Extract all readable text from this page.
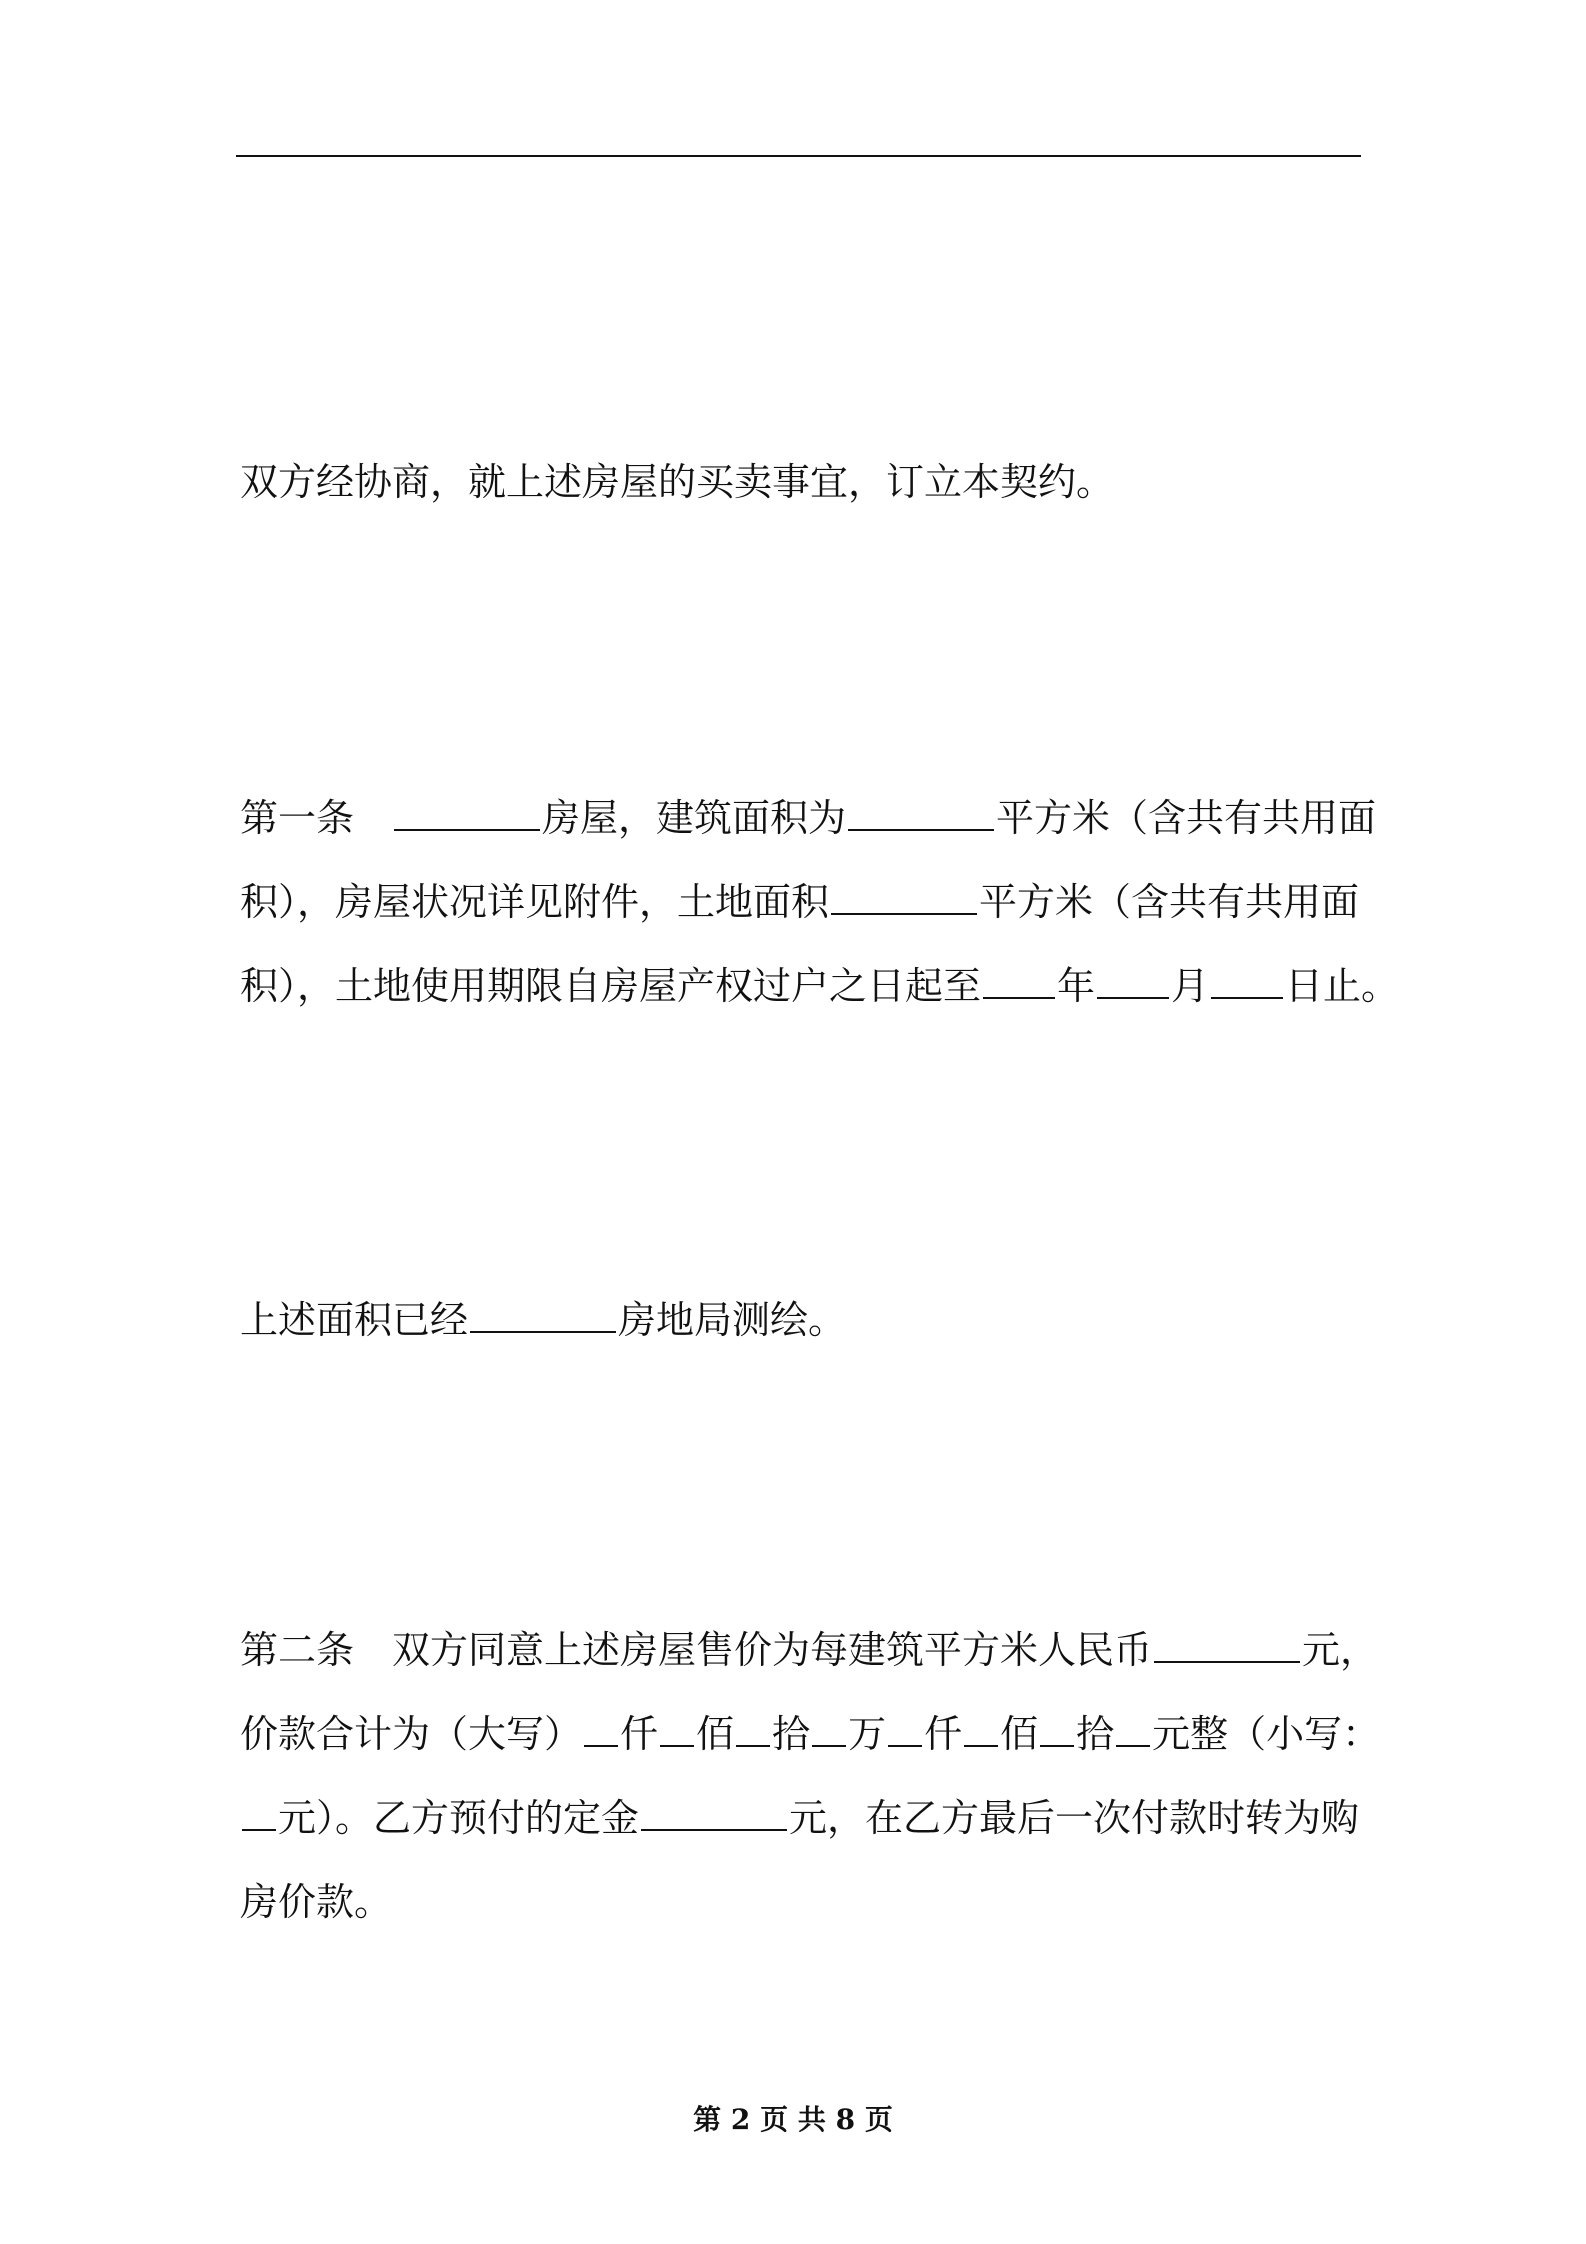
双方经协商，就上述房屋的买卖事宜，订立本契约。
第一条	房屋，建筑面积为	平方米（含共有共用面
积），房屋状况详见附件，土地面积	平方米（含共有共用面
积），土地使用期限自房屋产权过户之日起至 年 月 日止。
上述面积已经	房地局测绘。
第二条 双方同意上述房屋售价为每建筑平方米人民币	元，
价款合计为（大写） 仟 佰 拾 万 仟 佰 拾 元整（小写：
元）。乙方预付的定金	元，在乙方最后一次付款时转为购
房价款。
第 2 页 共 8 页
